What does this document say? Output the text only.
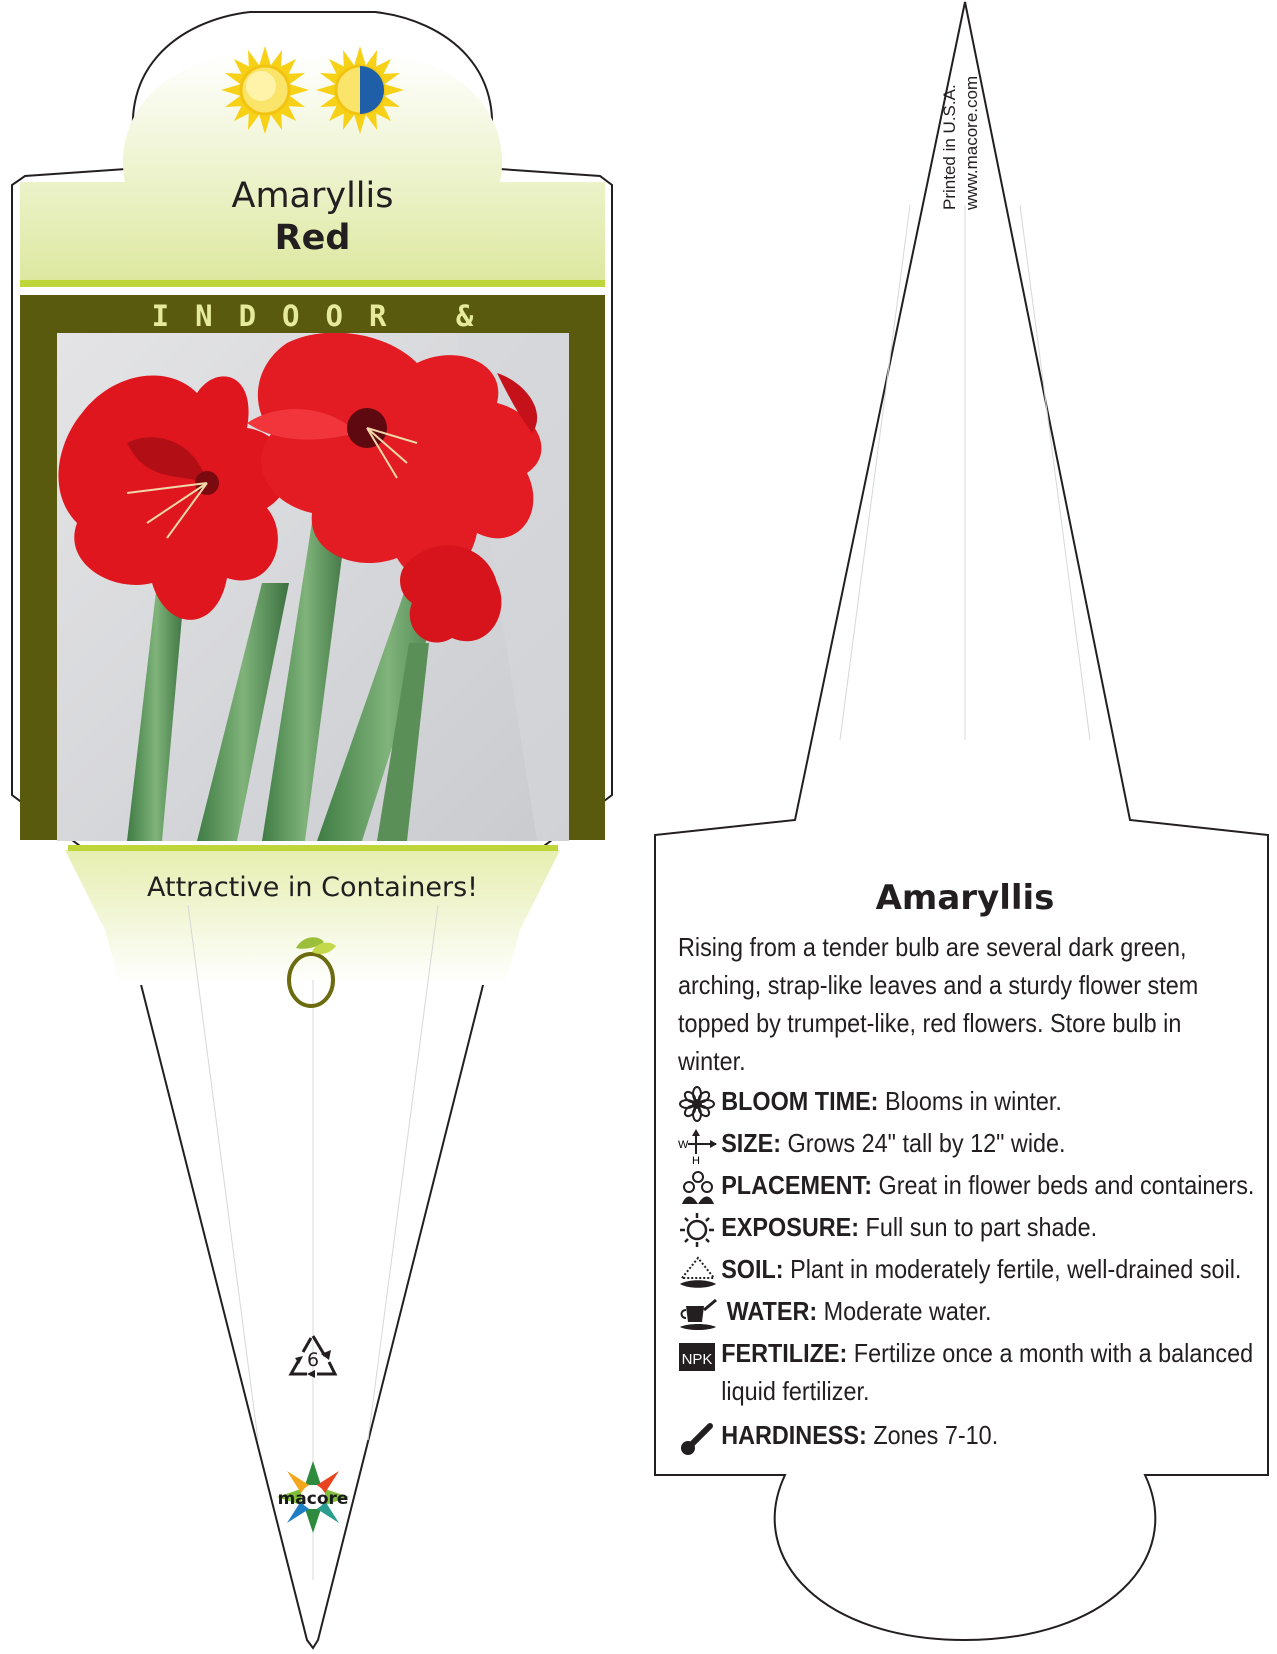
Amaryllis
Red
INDOOR &
Attractive in Containers!
6
macore
Printed in U.S.A. www.macore.com
Amaryllis
Rising from a tender bulb are several dark green, arching, strap-like leaves and a sturdy flower stem topped by trumpet-like, red flowers. Store bulb in winter.
BLOOM TIME: Blooms in winter.
W
H
SIZE: Grows 24" tall by 12" wide.
PLACEMENT: Great in flower beds and containers.
EXPOSURE: Full sun to part shade.
SOIL: Plant in moderately fertile, well-drained soil.
WATER: Moderate water.
NPK FERTILIZE: Fertilize once a month with a balanced liquid fertilizer.
HARDINESS: Zones 7-10.
